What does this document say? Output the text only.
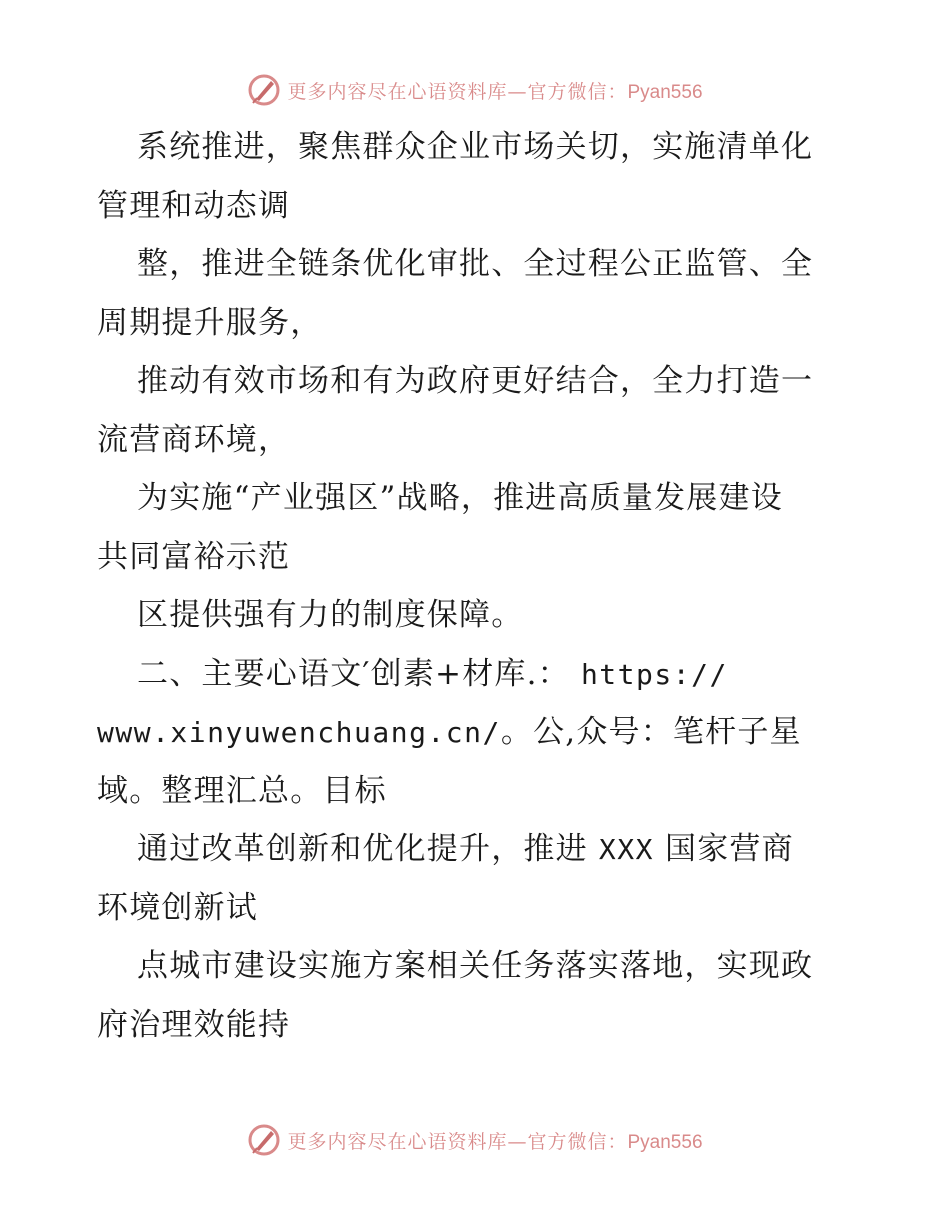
更多内容尽在心语资料库—官方微信：Pyan556
系统推进，聚焦群众企业市场关切，实施清单化
管理和动态调
整，推进全链条优化审批、全过程公正监管、全
周期提升服务，
推动有效市场和有为政府更好结合，全力打造一
流营商环境，
为实施“产业强区”战略，推进高质量发展建设
共同富裕示范
区提供强有力的制度保障。
二、主要心语文′创素+材库.： https://
www.xinyuwenchuang.cn/。公,众号：笔杆子星
域。整理汇总。目标
通过改革创新和优化提升，推进 XXX 国家营商
环境创新试
点城市建设实施方案相关任务落实落地，实现政
府治理效能持
更多内容尽在心语资料库—官方微信：Pyan556
